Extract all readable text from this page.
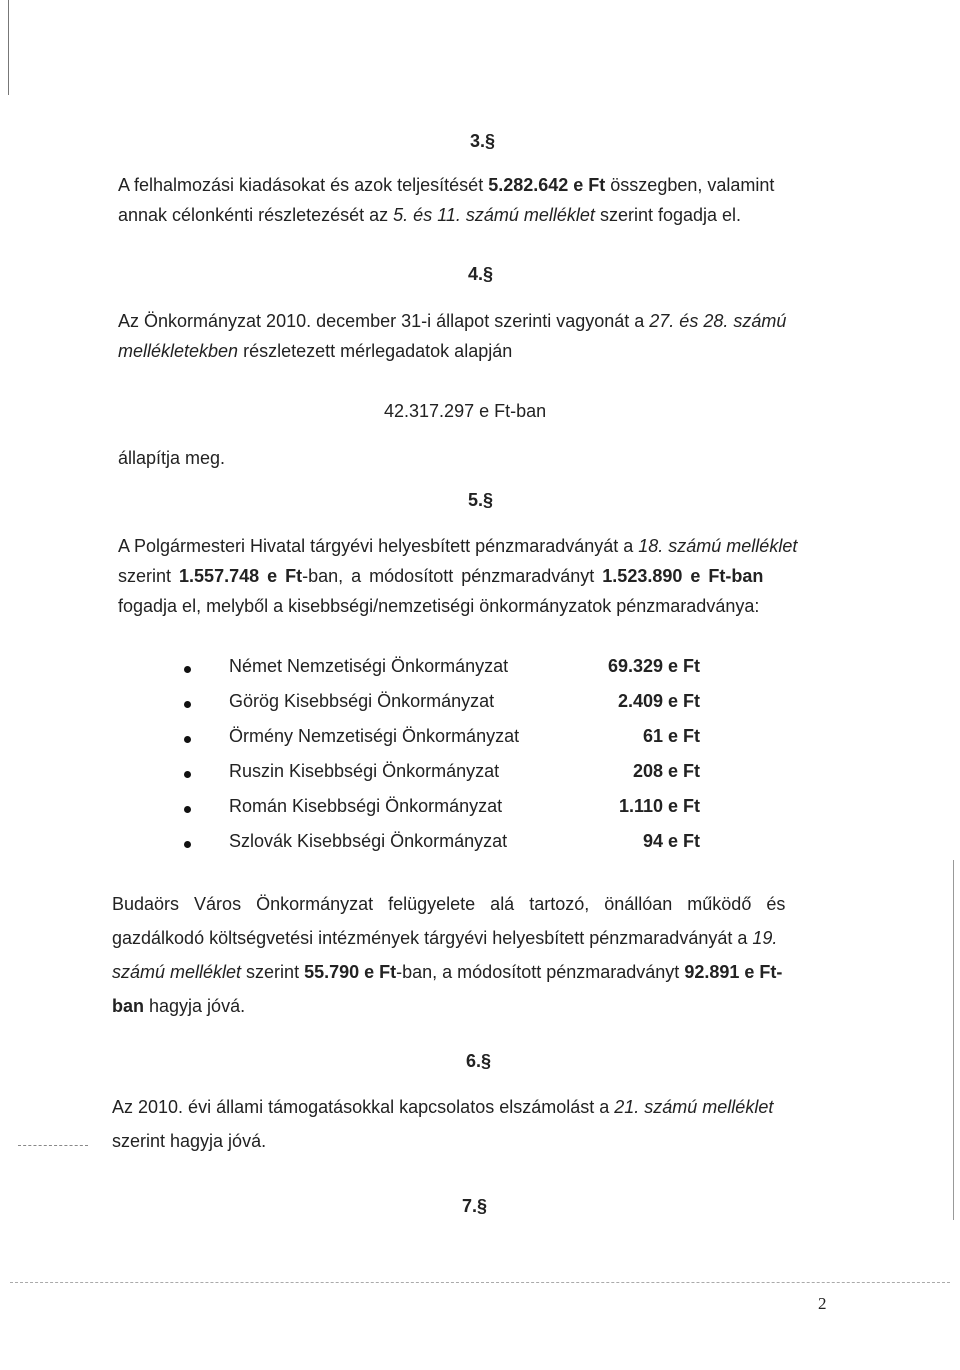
3.§
A felhalmozási kiadásokat és azok teljesítését 5.282.642 e Ft összegben, valamint
annak célonkénti részletezését az 5. és 11. számú melléklet szerint fogadja el.
4.§
Az Önkormányzat 2010. december 31-i állapot szerinti vagyonát a 27. és 28. számú
mellékletekben részletezett mérlegadatok alapján
42.317.297 e Ft-ban
állapítja meg.
5.§
A Polgármesteri Hivatal tárgyévi helyesbített pénzmaradványát a 18. számú melléklet
szerint 1.557.748 e Ft-ban, a módosított pénzmaradványt 1.523.890 e Ft-ban
fogadja el, melyből a kisebbségi/nemzetiségi önkormányzatok pénzmaradványa:
Német Nemzetiségi Önkormányzat	69.329 e Ft
Görög Kisebbségi Önkormányzat	2.409 e Ft
Örmény Nemzetiségi Önkormányzat	61 e Ft
Ruszin Kisebbségi Önkormányzat	208 e Ft
Román Kisebbségi Önkormányzat	1.110 e Ft
Szlovák Kisebbségi Önkormányzat	94 e Ft
Budaörs Város Önkormányzat felügyelete alá tartozó, önállóan működő és
gazdálkodó költségvetési intézmények tárgyévi helyesbített pénzmaradványát a 19.
számú melléklet szerint 55.790 e Ft-ban, a módosított pénzmaradványt 92.891 e Ft-
ban hagyja jóvá.
6.§
Az 2010. évi állami támogatásokkal kapcsolatos elszámolást a 21. számú melléklet
szerint hagyja jóvá.
7.§
2
